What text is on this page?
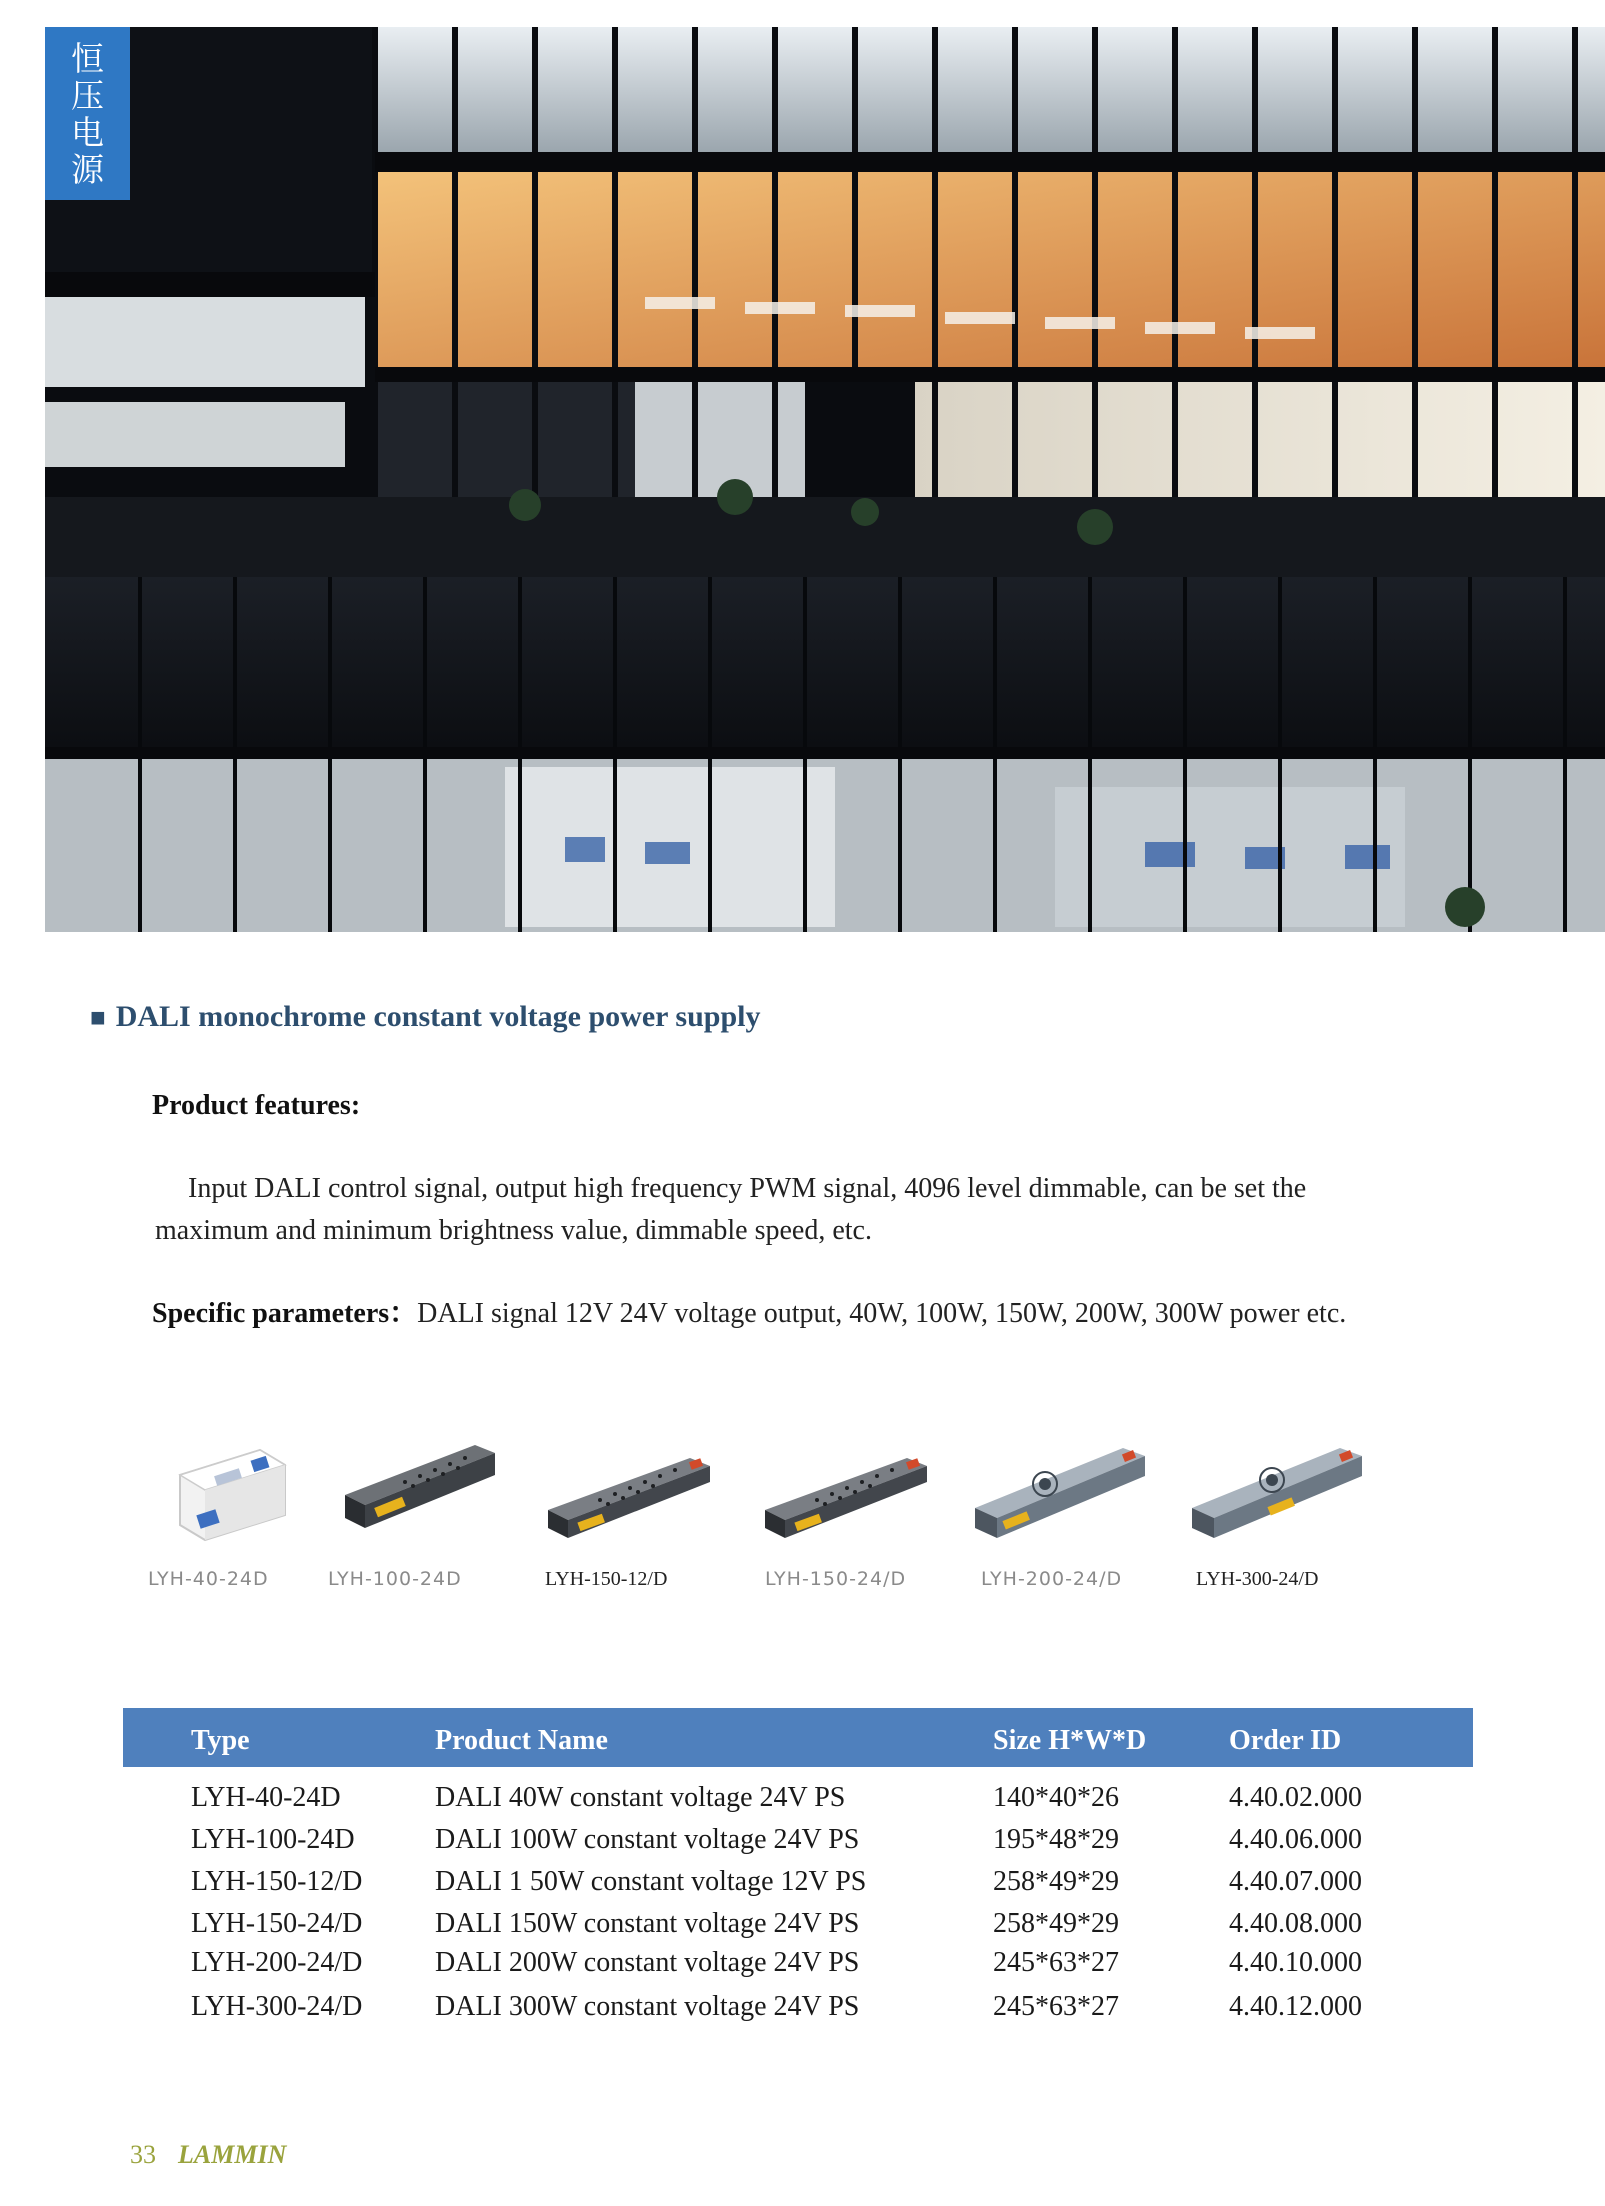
恒
压
电
源
■ DALI monochrome constant voltage power supply
Product features:

Input DALI control signal, output high frequency PWM signal, 4096 level dimmable, can be set the maximum and minimum brightness value, dimmable speed, etc.

Specific parameters：DALI signal 12V 24V voltage output, 40W, 100W, 150W, 200W, 300W power etc.

LYH-40-24D	LYH-100-24D	LYH-150-12/D	LYH-150-24/D	LYH-200-24/D	LYH-300-24/D
Type	Product Name	Size H*W*D	Order ID
LYH-40-24D	DALI 40W constant voltage 24V PS	140*40*26	4.40.02.000
LYH-100-24D	DALI 100W constant voltage 24V PS	195*48*29	4.40.06.000
LYH-150-12/D	DALI 1 50W constant voltage 12V PS	258*49*29	4.40.07.000
LYH-150-24/D	DALI 150W constant voltage 24V PS	258*49*29	4.40.08.000
LYH-200-24/D	DALI 200W constant voltage 24V PS	245*63*27	4.40.10.000
LYH-300-24/D	DALI 300W constant voltage 24V PS	245*63*27	4.40.12.000
33 LAMMIN
